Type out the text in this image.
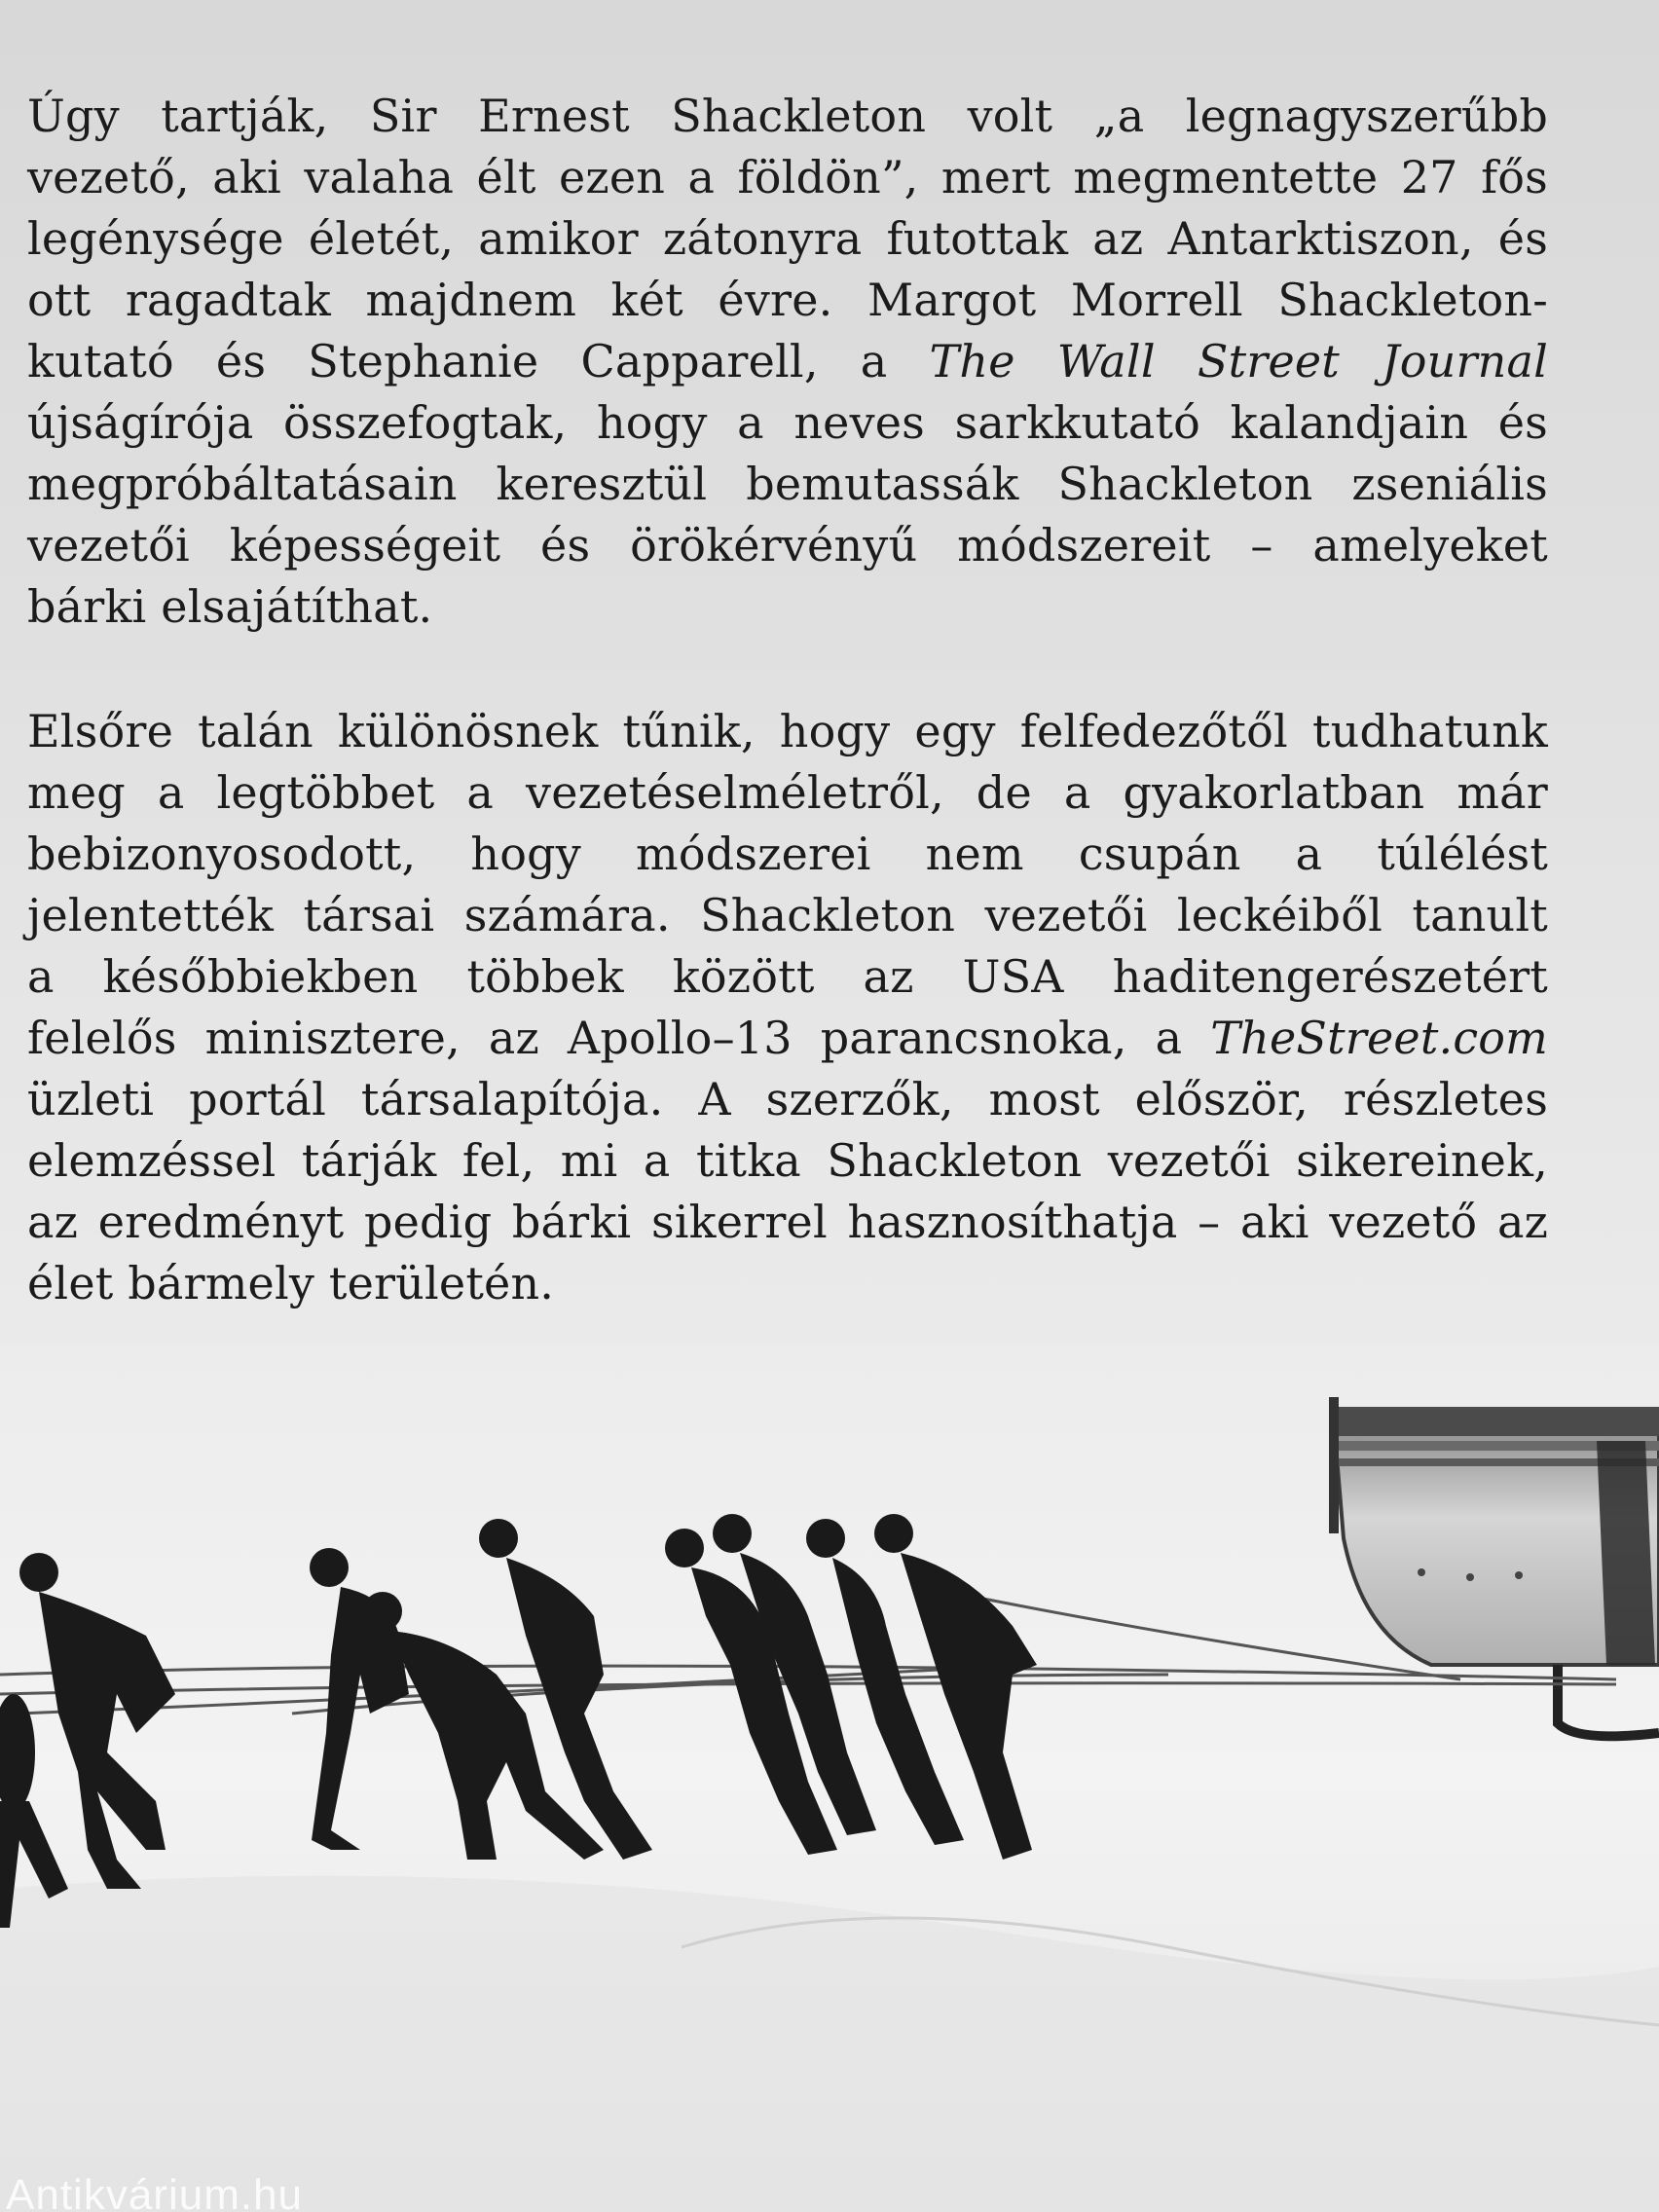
Úgy tartják, Sir Ernest Shackleton volt „a legnagyszerűbb
vezető, aki valaha élt ezen a földön”, mert megmentette 27 fős
legénysége életét, amikor zátonyra futottak az Antarktiszon, és
ott ragadtak majdnem két évre. Margot Morrell Shackleton-
kutató és Stephanie Capparell, a The Wall Street Journal
újságírója összefogtak, hogy a neves sarkkutató kalandjain és
megpróbáltatásain keresztül bemutassák Shackleton zseniális
vezetői képességeit és örökérvényű módszereit – amelyeket
bárki elsajátíthat.
Elsőre talán különösnek tűnik, hogy egy felfedezőtől tudhatunk
meg a legtöbbet a vezetéselméletről, de a gyakorlatban már
bebizonyosodott, hogy módszerei nem csupán a túlélést
jelentették társai számára. Shackleton vezetői leckéiből tanult
a későbbiekben többek között az USA haditengerészetért
felelős minisztere, az Apollo–13 parancsnoka, a TheStreet.com
üzleti portál társalapítója. A szerzők, most először, részletes
elemzéssel tárják fel, mi a titka Shackleton vezetői sikereinek,
az eredményt pedig bárki sikerrel hasznosíthatja – aki vezető az
élet bármely területén.
Antikvárium.hu
